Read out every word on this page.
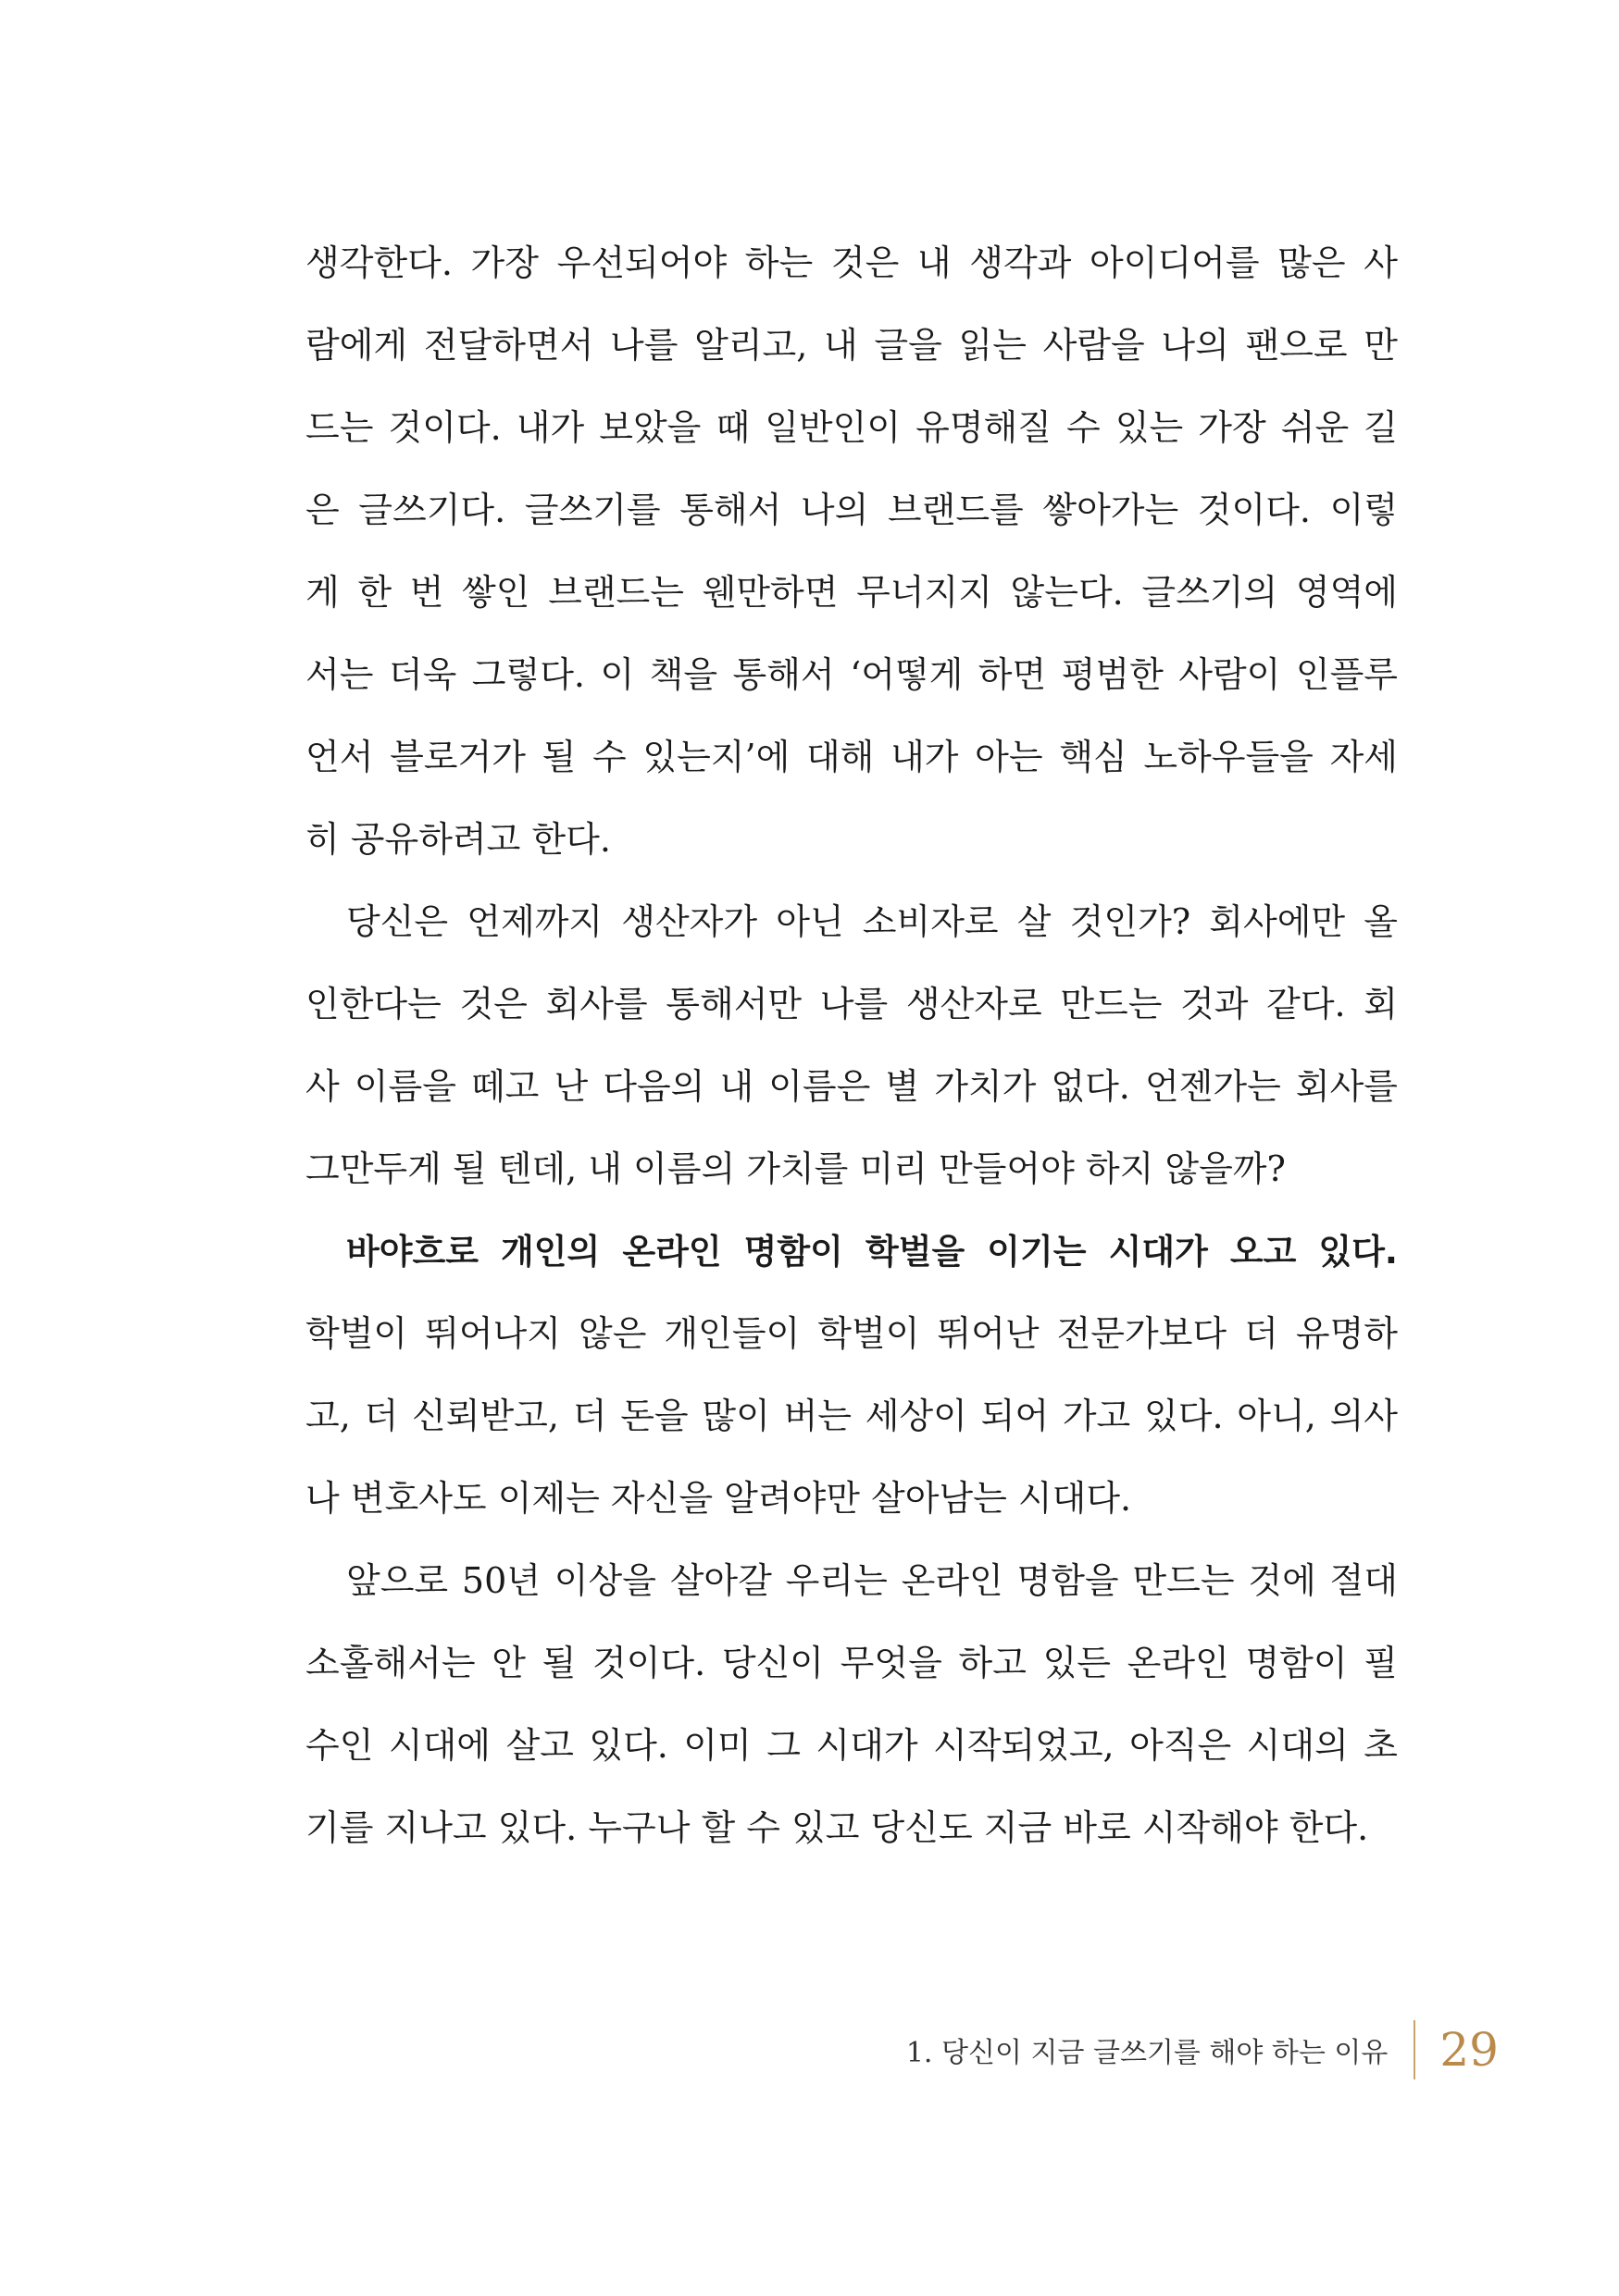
생각한다. 가장 우선되어야 하는 것은 내 생각과 아이디어를 많은 사
람에게 전달하면서 나를 알리고, 내 글을 읽는 사람을 나의 팬으로 만
드는 것이다. 내가 보았을 때 일반인이 유명해질 수 있는 가장 쉬운 길
은 글쓰기다. 글쓰기를 통해서 나의 브랜드를 쌓아가는 것이다. 이렇
게 한 번 쌓인 브랜드는 웬만하면 무너지지 않는다. 글쓰기의 영역에
서는 더욱 그렇다. 이 책을 통해서 ‘어떻게 하면 평범한 사람이 인플루
언서 블로거가 될 수 있는지’에 대해 내가 아는 핵심 노하우들을 자세
히 공유하려고 한다.
당신은 언제까지 생산자가 아닌 소비자로 살 것인가? 회사에만 올
인한다는 것은 회사를 통해서만 나를 생산자로 만드는 것과 같다. 회
사 이름을 떼고 난 다음의 내 이름은 별 가치가 없다. 언젠가는 회사를
그만두게 될 텐데, 내 이름의 가치를 미리 만들어야 하지 않을까?
바야흐로 개인의 온라인 명함이 학벌을 이기는 시대가 오고 있다.
학벌이 뛰어나지 않은 개인들이 학벌이 뛰어난 전문가보다 더 유명하
고, 더 신뢰받고, 더 돈을 많이 버는 세상이 되어 가고 있다. 아니, 의사
나 변호사도 이제는 자신을 알려야만 살아남는 시대다.
앞으로 50년 이상을 살아갈 우리는 온라인 명함을 만드는 것에 절대
소홀해서는 안 될 것이다. 당신이 무엇을 하고 있든 온라인 명함이 필
수인 시대에 살고 있다. 이미 그 시대가 시작되었고, 아직은 시대의 초
기를 지나고 있다. 누구나 할 수 있고 당신도 지금 바로 시작해야 한다.
1. 당신이 지금 글쓰기를 해야 하는 이유 29
